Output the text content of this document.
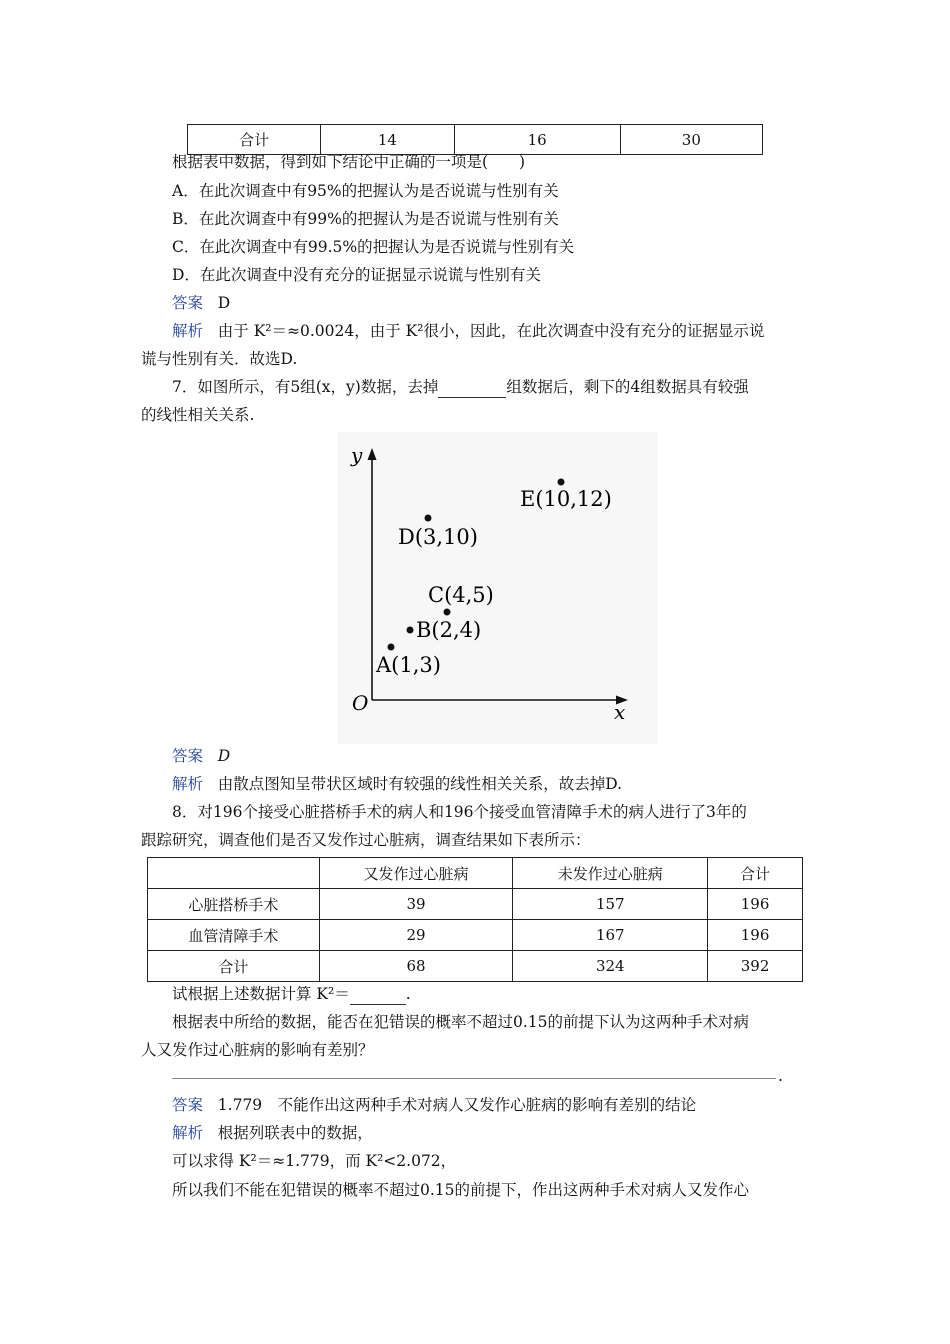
合计	14	16	30
根据表中数据，得到如下结论中正确的一项是(　　)
A．在此次调查中有95%的把握认为是否说谎与性别有关
B．在此次调查中有99%的把握认为是否说谎与性别有关
C．在此次调查中有99.5%的把握认为是否说谎与性别有关
D．在此次调查中没有充分的证据显示说谎与性别有关
答案 D
解析 由于 K²＝≈0.0024，由于 K²很小，因此，在此次调查中没有充分的证据显示说
谎与性别有关．故选D.
7．如图所示，有5组(x，y)数据，去掉	组数据后，剩下的4组数据具有较强
的线性相关关系.
y
x
O
A(1,3)
B(2,4)
C(4,5)
D(3,10)
E(10,12)
答案 D
解析 由散点图知呈带状区域时有较强的线性相关关系，故去掉D.
8．对196个接受心脏搭桥手术的病人和196个接受血管清障手术的病人进行了3年的
跟踪研究，调查他们是否又发作过心脏病，调查结果如下表所示：
	又发作过心脏病	未发作过心脏病	合计
心脏搭桥手术	39	157	196
血管清障手术	29	167	196
合计	68	324	392
试根据上述数据计算 K²＝	.
根据表中所给的数据，能否在犯错误的概率不超过0.15的前提下认为这两种手术对病
人又发作过心脏病的影响有差别？
.
答案 1.779　不能作出这两种手术对病人又发作心脏病的影响有差别的结论
解析 根据列联表中的数据，
可以求得 K²＝≈1.779，而 K²<2.072，
所以我们不能在犯错误的概率不超过0.15的前提下，作出这两种手术对病人又发作心
